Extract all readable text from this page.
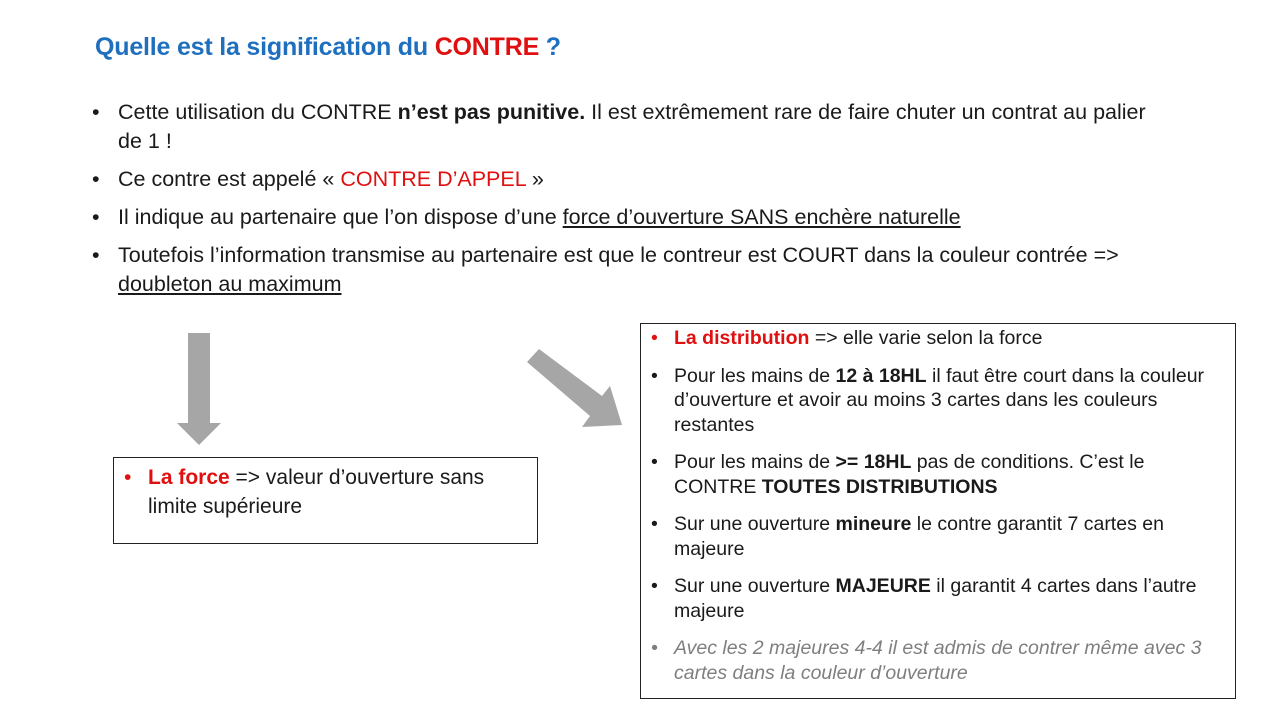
Quelle est la signification du CONTRE ?
• Cette utilisation du CONTRE n’est pas punitive. Il est extrêmement rare de faire chuter un contrat au palier de 1 !
• Ce contre est appelé « CONTRE D’APPEL »
• Il indique au partenaire que l’on dispose d’une force d’ouverture SANS enchère naturelle
• Toutefois l’information transmise au partenaire est que le contreur est COURT dans la couleur contrée => doubleton au maximum
• La force => valeur d’ouverture sans limite supérieure
• La distribution => elle varie selon la force
• Pour les mains de 12 à 18HL il faut être court dans la couleur d’ouverture et avoir au moins 3 cartes dans les couleurs restantes
• Pour les mains de >= 18HL pas de conditions. C’est le CONTRE TOUTES DISTRIBUTIONS
• Sur une ouverture mineure le contre garantit 7 cartes en majeure
• Sur une ouverture MAJEURE il garantit 4 cartes dans l’autre majeure
• Avec les 2 majeures 4-4 il est admis de contrer même avec 3 cartes dans la couleur d’ouverture
